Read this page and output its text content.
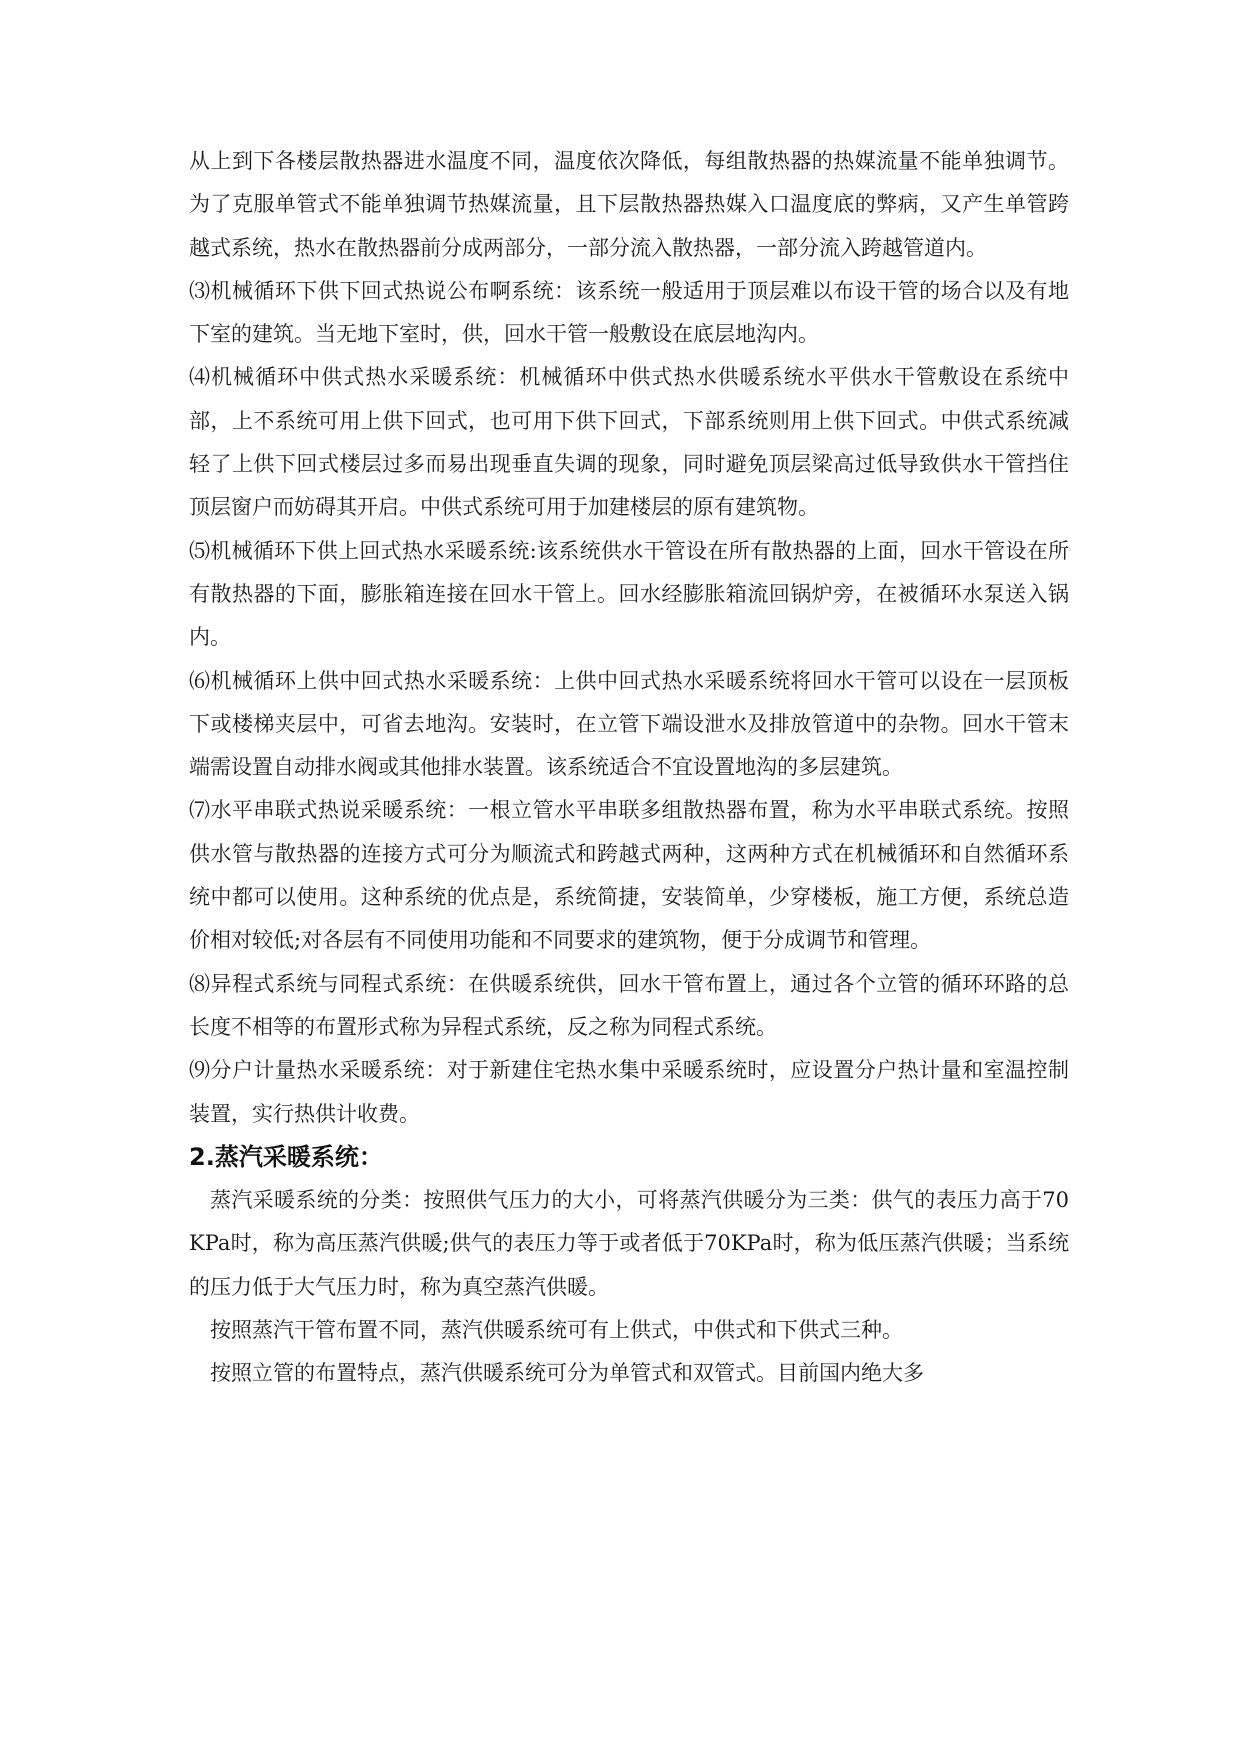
从上到下各楼层散热器进水温度不同，温度依次降低，每组散热器的热媒流量不能单独调节。为了克服单管式不能单独调节热媒流量，且下层散热器热媒入口温度底的弊病，又产生单管跨越式系统，热水在散热器前分成两部分，一部分流入散热器，一部分流入跨越管道内。

⑶机械循环下供下回式热说公布啊系统：该系统一般适用于顶层难以布设干管的场合以及有地下室的建筑。当无地下室时，供，回水干管一般敷设在底层地沟内。

⑷机械循环中供式热水采暖系统：机械循环中供式热水供暖系统水平供水干管敷设在系统中部，上不系统可用上供下回式，也可用下供下回式，下部系统则用上供下回式。中供式系统减轻了上供下回式楼层过多而易出现垂直失调的现象，同时避免顶层梁高过低导致供水干管挡住顶层窗户而妨碍其开启。中供式系统可用于加建楼层的原有建筑物。

⑸机械循环下供上回式热水采暖系统:该系统供水干管设在所有散热器的上面，回水干管设在所有散热器的下面，膨胀箱连接在回水干管上。回水经膨胀箱流回锅炉旁，在被循环水泵送入锅内。

⑹机械循环上供中回式热水采暖系统：上供中回式热水采暖系统将回水干管可以设在一层顶板下或楼梯夹层中，可省去地沟。安装时，在立管下端设泄水及排放管道中的杂物。回水干管末端需设置自动排水阀或其他排水装置。该系统适合不宜设置地沟的多层建筑。

⑺水平串联式热说采暖系统：一根立管水平串联多组散热器布置，称为水平串联式系统。按照供水管与散热器的连接方式可分为顺流式和跨越式两种，这两种方式在机械循环和自然循环系统中都可以使用。这种系统的优点是，系统简捷，安装简单，少穿楼板，施工方便，系统总造价相对较低;对各层有不同使用功能和不同要求的建筑物，便于分成调节和管理。

⑻异程式系统与同程式系统：在供暖系统供，回水干管布置上，通过各个立管的循环环路的总长度不相等的布置形式称为异程式系统，反之称为同程式系统。

⑼分户计量热水采暖系统：对于新建住宅热水集中采暖系统时，应设置分户热计量和室温控制装置，实行热供计收费。

2.蒸汽采暖系统：

蒸汽采暖系统的分类：按照供气压力的大小，可将蒸汽供暖分为三类：供气的表压力高于70KPa时，称为高压蒸汽供暖;供气的表压力等于或者低于70KPa时，称为低压蒸汽供暖；当系统的压力低于大气压力时，称为真空蒸汽供暖。

按照蒸汽干管布置不同，蒸汽供暖系统可有上供式，中供式和下供式三种。

按照立管的布置特点，蒸汽供暖系统可分为单管式和双管式。目前国内绝大多
